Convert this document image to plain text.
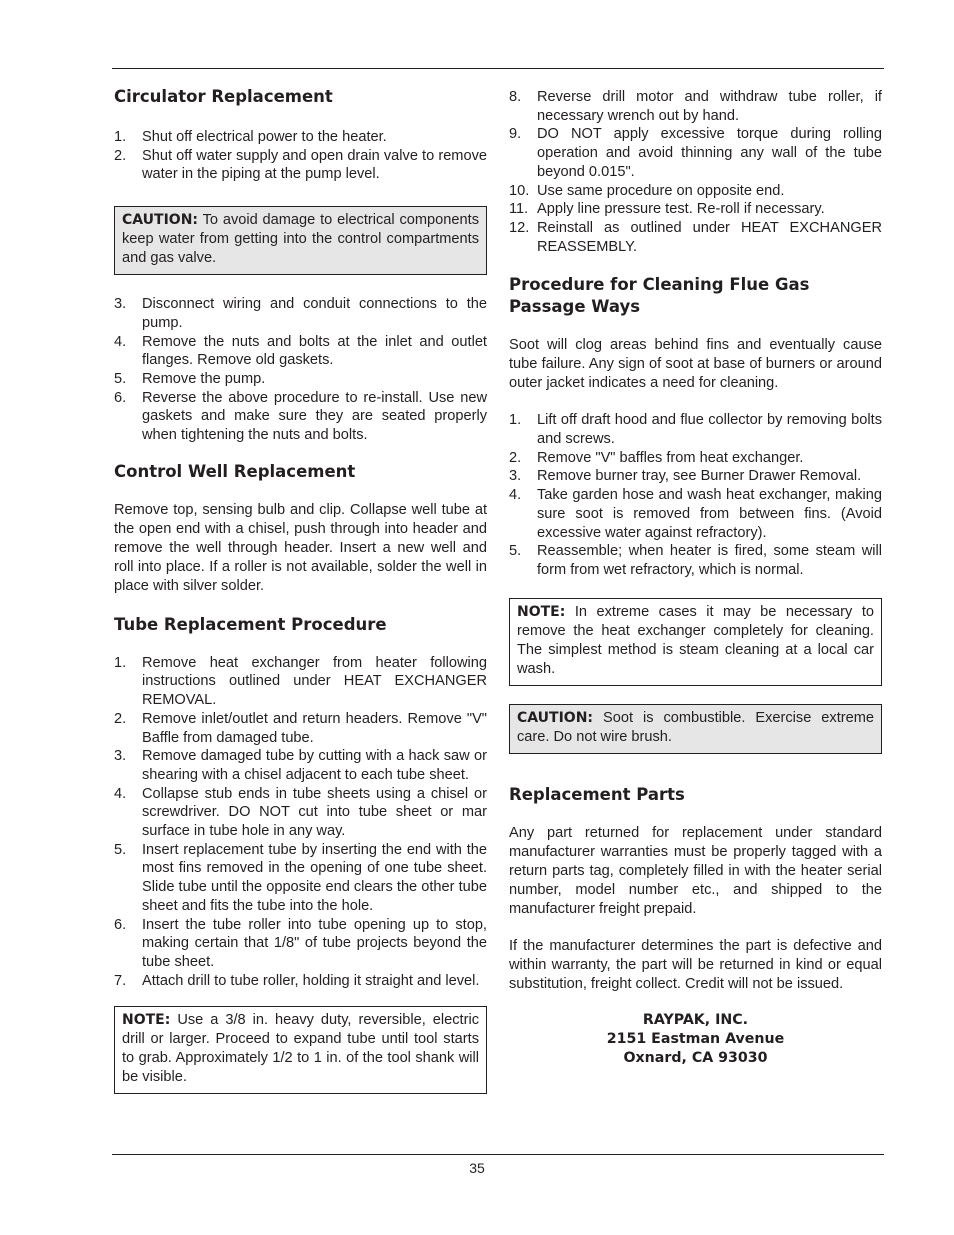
Circulator Replacement
1. Shut off electrical power to the heater.
2. Shut off water supply and open drain valve to remove water in the piping at the pump level.
CAUTION: To avoid damage to electrical components keep water from getting into the control compartments and gas valve.
3. Disconnect wiring and conduit connections to the pump.
4. Remove the nuts and bolts at the inlet and outlet flanges. Remove old gaskets.
5. Remove the pump.
6. Reverse the above procedure to re-install. Use new gaskets and make sure they are seated properly when tightening the nuts and bolts.
Control Well Replacement

Remove top, sensing bulb and clip. Collapse well tube at the open end with a chisel, push through into header and remove the well through header. Insert a new well and roll into place. If a roller is not available, solder the well in place with silver solder.

Tube Replacement Procedure
1. Remove heat exchanger from heater following instructions outlined under HEAT EXCHANGER REMOVAL.
2. Remove inlet/outlet and return headers. Remove "V" Baffle from damaged tube.
3. Remove damaged tube by cutting with a hack saw or shearing with a chisel adjacent to each tube sheet.
4. Collapse stub ends in tube sheets using a chisel or screwdriver. DO NOT cut into tube sheet or mar surface in tube hole in any way.
5. Insert replacement tube by inserting the end with the most fins removed in the opening of one tube sheet. Slide tube until the opposite end clears the other tube sheet and fits the tube into the hole.
6. Insert the tube roller into tube opening up to stop, making certain that 1/8" of tube projects beyond the tube sheet.
7. Attach drill to tube roller, holding it straight and level.
NOTE: Use a 3/8 in. heavy duty, reversible, electric drill or larger. Proceed to expand tube until tool starts to grab. Approximately 1/2 to 1 in. of the tool shank will be visible.
8. Reverse drill motor and withdraw tube roller, if necessary wrench out by hand.
9. DO NOT apply excessive torque during rolling operation and avoid thinning any wall of the tube beyond 0.015".
10. Use same procedure on opposite end.
11. Apply line pressure test. Re-roll if necessary.
12. Reinstall as outlined under HEAT EXCHANGER REASSEMBLY.
Procedure for Cleaning Flue Gas Passage Ways

Soot will clog areas behind fins and eventually cause tube failure. Any sign of soot at base of burners or around outer jacket indicates a need for cleaning.

1. Lift off draft hood and flue collector by removing bolts and screws.
2. Remove "V" baffles from heat exchanger.
3. Remove burner tray, see Burner Drawer Removal.
4. Take garden hose and wash heat exchanger, making sure soot is removed from between fins. (Avoid excessive water against refractory).
5. Reassemble; when heater is fired, some steam will form from wet refractory, which is normal.
NOTE: In extreme cases it may be necessary to remove the heat exchanger completely for cleaning. The simplest method is steam cleaning at a local car wash.
CAUTION: Soot is combustible. Exercise extreme care. Do not wire brush.
Replacement Parts

Any part returned for replacement under standard manufacturer warranties must be properly tagged with a return parts tag, completely filled in with the heater serial number, model number etc., and shipped to the manufacturer freight prepaid.

If the manufacturer determines the part is defective and within warranty, the part will be returned in kind or equal substitution, freight collect. Credit will not be issued.

RAYPAK, INC.
2151 Eastman Avenue
Oxnard, CA 93030
35
